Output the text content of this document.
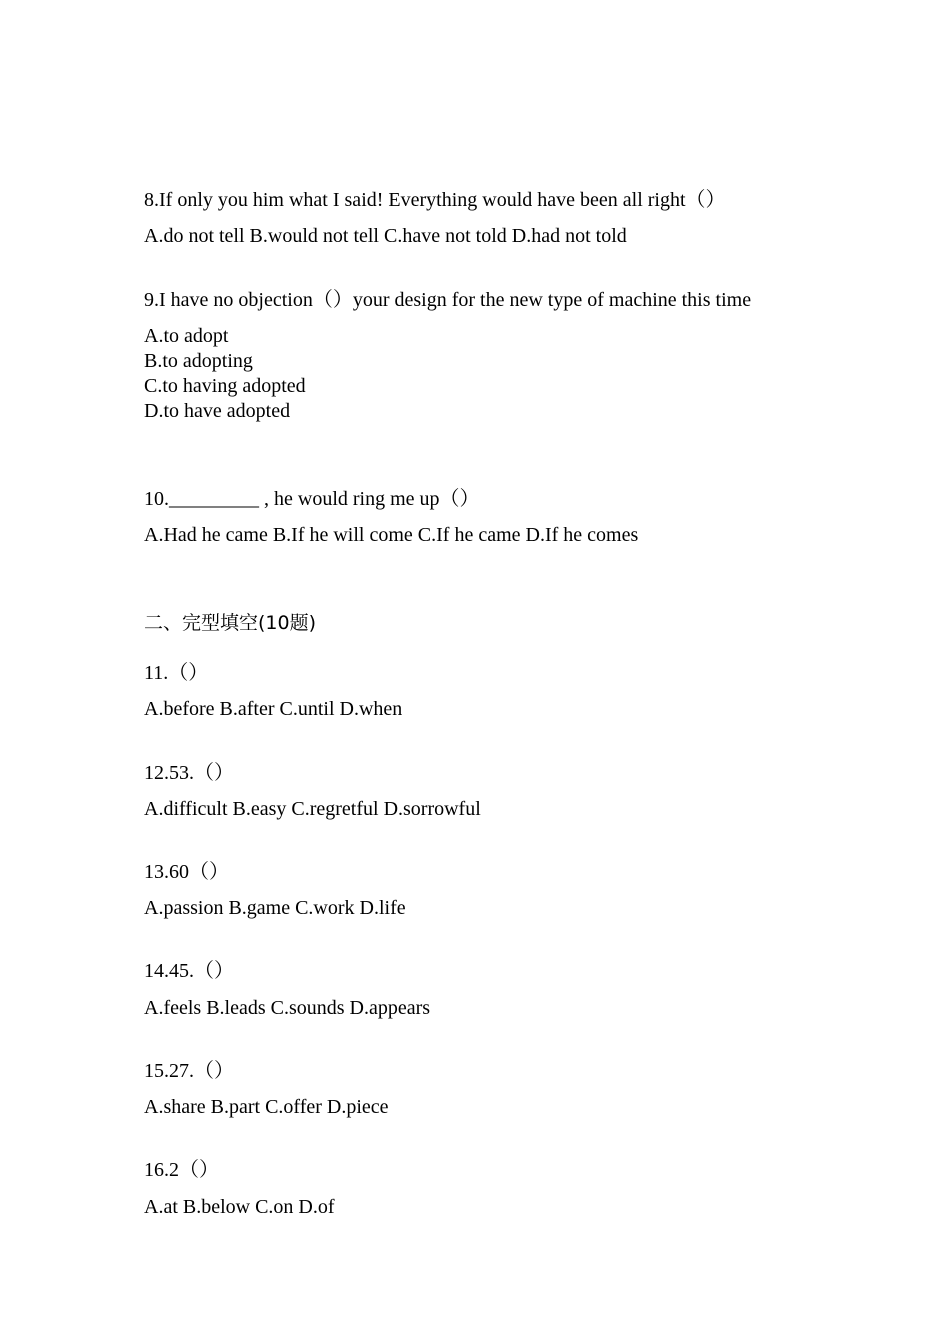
8.If only you him what I said! Everything would have been all right（）
A.do not tell B.would not tell C.have not told D.had not told
9.I have no objection（）your design for the new type of machine this time
A.to adopt
B.to adopting
C.to having adopted
D.to have adopted
10._________ , he would ring me up（）
A.Had he came B.If he will come C.If he came D.If he comes
二、完型填空(10题)
11.（）
A.before B.after C.until D.when
12.53.（）
A.difficult B.easy C.regretful D.sorrowful
13.60（）
A.passion B.game C.work D.life
14.45.（）
A.feels B.leads C.sounds D.appears
15.27.（）
A.share B.part C.offer D.piece
16.2（）
A.at B.below C.on D.of
